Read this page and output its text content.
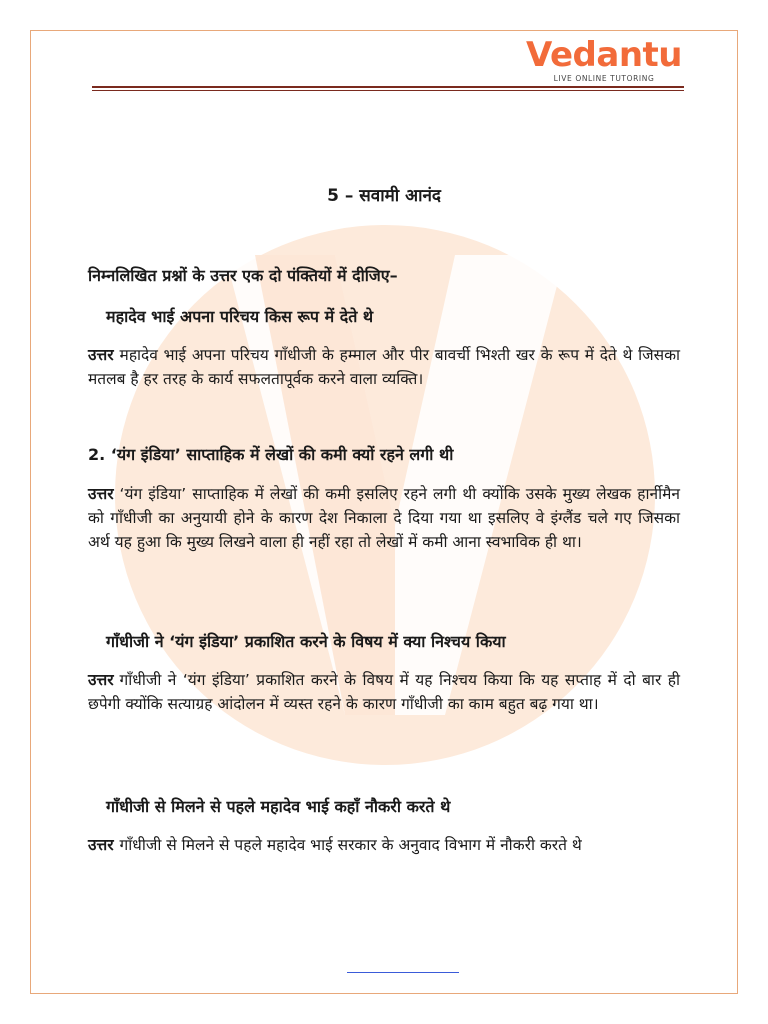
Vedantu
LIVE ONLINE TUTORING
5 – सवामी आनंद
निम्नलिखित प्रश्नों के उत्तर एक दो पंक्तियों में दीजिए–
महादेव भाई अपना परिचय किस रूप में देते थे
उत्तर महादेव भाई अपना परिचय गाँधीजी के हम्माल और पीर बावर्ची भिश्ती खर के रूप में देते थे जिसका मतलब है हर तरह के कार्य सफलतापूर्वक करने वाला व्यक्ति।
2. ‘यंग इंडिया’ साप्ताहिक में लेखों की कमी क्यों रहने लगी थी
उत्तर ‘यंग इंडिया’ साप्ताहिक में लेखों की कमी इसलिए रहने लगी थी क्योंकि उसके मुख्य लेखक हार्नीमैन को गाँधीजी का अनुयायी होने के कारण देश निकाला दे दिया गया था इसलिए वे इंग्लैंड चले गए जिसका अर्थ यह हुआ कि मुख्य लिखने वाला ही नहीं रहा तो लेखों में कमी आना स्वभाविक ही था।
गाँधीजी ने ‘यंग इंडिया’ प्रकाशित करने के विषय में क्या निश्चय किया
उत्तर गाँधीजी ने ‘यंग इंडिया’ प्रकाशित करने के विषय में यह निश्चय किया कि यह सप्ताह में दो बार ही छपेगी क्योंकि सत्याग्रह आंदोलन में व्यस्त रहने के कारण गाँधीजी का काम बहुत बढ़ गया था।
गाँधीजी से मिलने से पहले महादेव भाई कहाँ नौकरी करते थे
उत्तर गाँधीजी से मिलने से पहले महादेव भाई सरकार के अनुवाद विभाग में नौकरी करते थे
